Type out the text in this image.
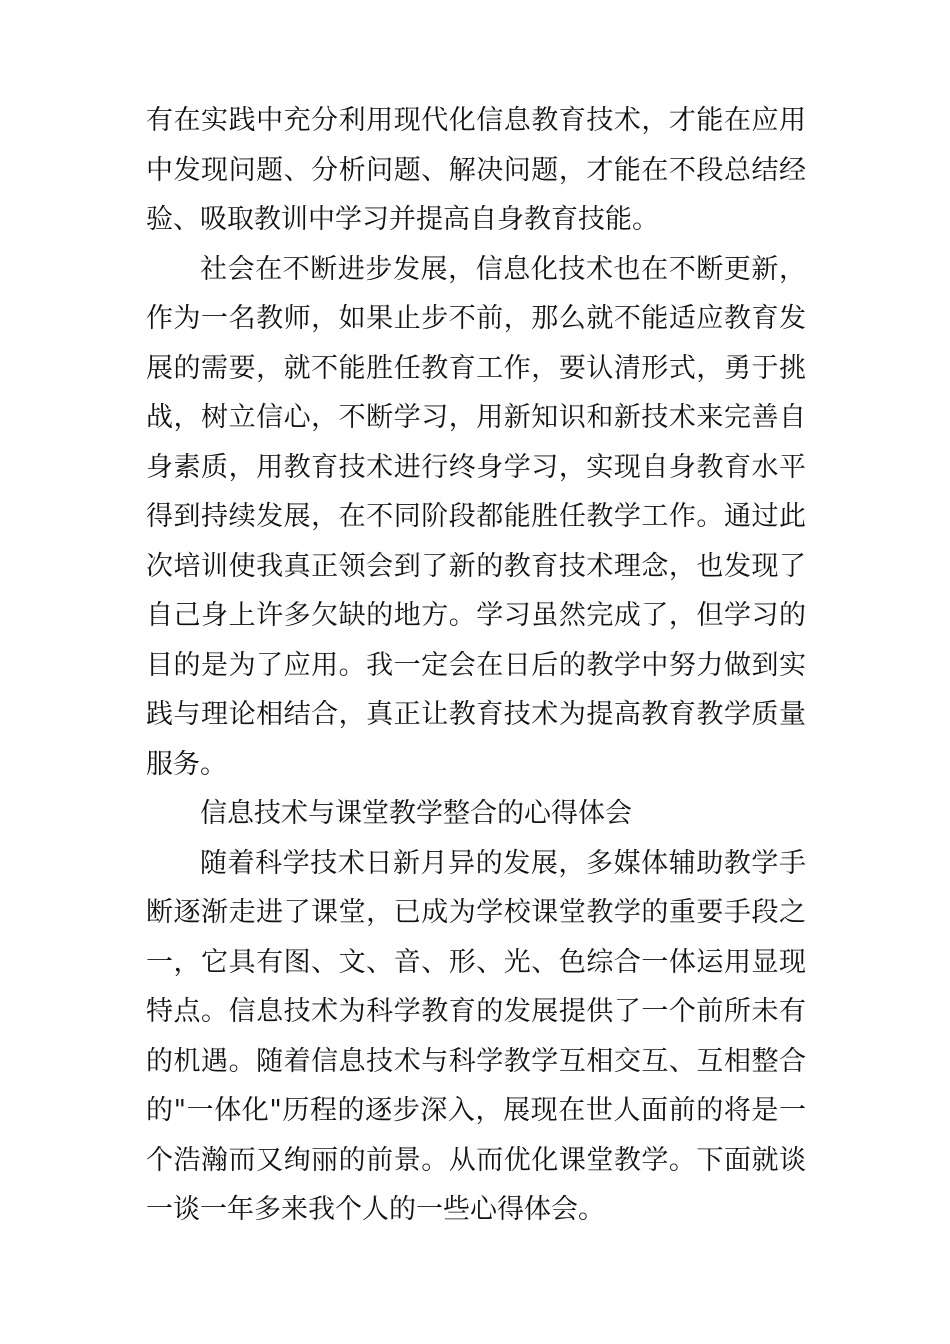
有在实践中充分利用现代化信息教育技术，才能在应用中发现问题、分析问题、解决问题，才能在不段总结经验、吸取教训中学习并提高自身教育技能。

社会在不断进步发展，信息化技术也在不断更新，作为一名教师，如果止步不前，那么就不能适应教育发展的需要，就不能胜任教育工作，要认清形式，勇于挑战，树立信心，不断学习，用新知识和新技术来完善自身素质，用教育技术进行终身学习，实现自身教育水平得到持续发展，在不同阶段都能胜任教学工作。通过此次培训使我真正领会到了新的教育技术理念，也发现了自己身上许多欠缺的地方。学习虽然完成了，但学习的目的是为了应用。我一定会在日后的教学中努力做到实践与理论相结合，真正让教育技术为提高教育教学质量服务。

信息技术与课堂教学整合的心得体会

随着科学技术日新月异的发展，多媒体辅助教学手断逐渐走进了课堂，已成为学校课堂教学的重要手段之一，它具有图、文、音、形、光、色综合一体运用显现特点。信息技术为科学教育的发展提供了一个前所未有的机遇。随着信息技术与科学教学互相交互、互相整合的"一体化"历程的逐步深入，展现在世人面前的将是一个浩瀚而又绚丽的前景。从而优化课堂教学。下面就谈一谈一年多来我个人的一些心得体会。
